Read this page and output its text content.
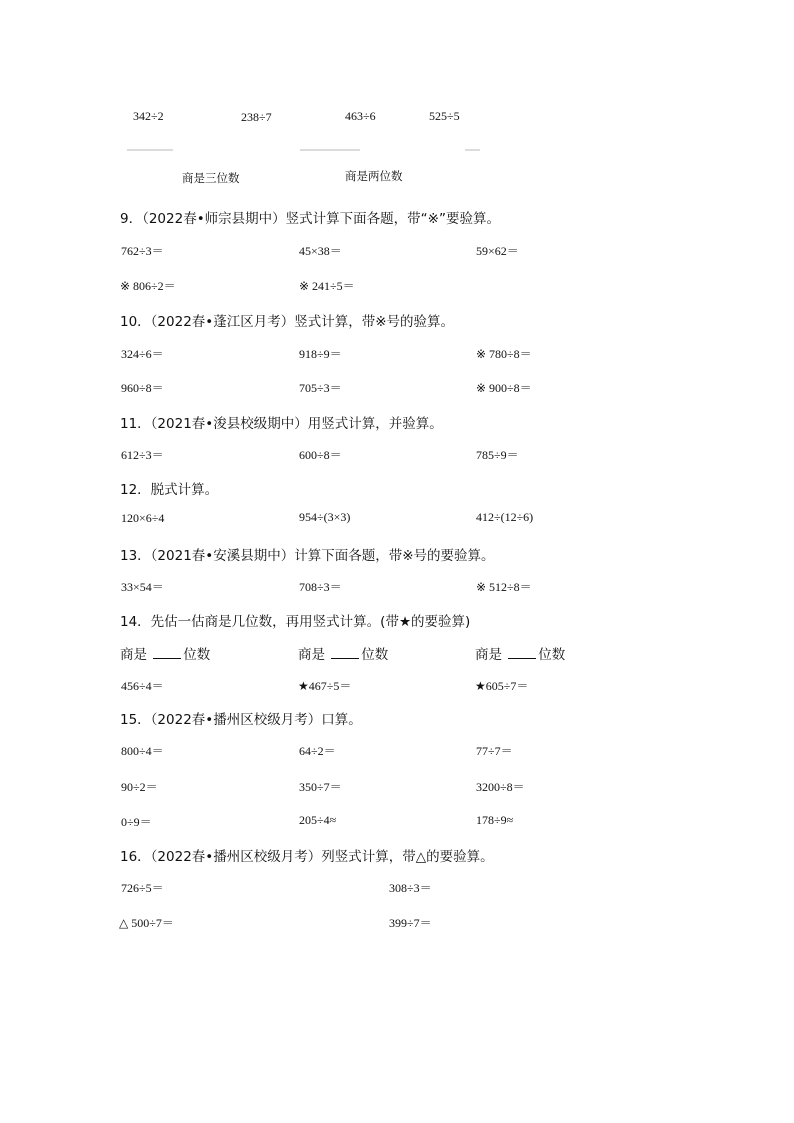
342÷2	238÷7	463÷6	525÷5
商是三位数	商是两位数
9．（2022春•师宗县期中）竖式计算下面各题，带“※”要验算。
762÷3＝	45×38＝	59×62＝
※ 806÷2＝	※ 241÷5＝
10．（2022春•蓬江区月考）竖式计算，带※号的验算。
324÷6＝	918÷9＝	※ 780÷8＝
960÷8＝	705÷3＝	※ 900÷8＝
11．（2021春•浚县校级期中）用竖式计算，并验算。
612÷3＝	600÷8＝	785÷9＝
12．脱式计算。
120×6÷4	954÷(3×3)	412÷(12÷6)
13．（2021春•安溪县期中）计算下面各题，带※号的要验算。
33×54＝	708÷3＝	※ 512÷8＝
14．先估一估商是几位数，再用竖式计算。(带★的要验算)
商是	位数	商是	位数	商是	位数
456÷4＝	★467÷5＝	★605÷7＝
15．（2022春•播州区校级月考）口算。
800÷4＝	64÷2＝	77÷7＝
90÷2＝	350÷7＝	3200÷8＝
0÷9＝	205÷4≈	178÷9≈
16．（2022春•播州区校级月考）列竖式计算，带△的要验算。
726÷5＝	308÷3＝
△ 500÷7＝	399÷7＝
